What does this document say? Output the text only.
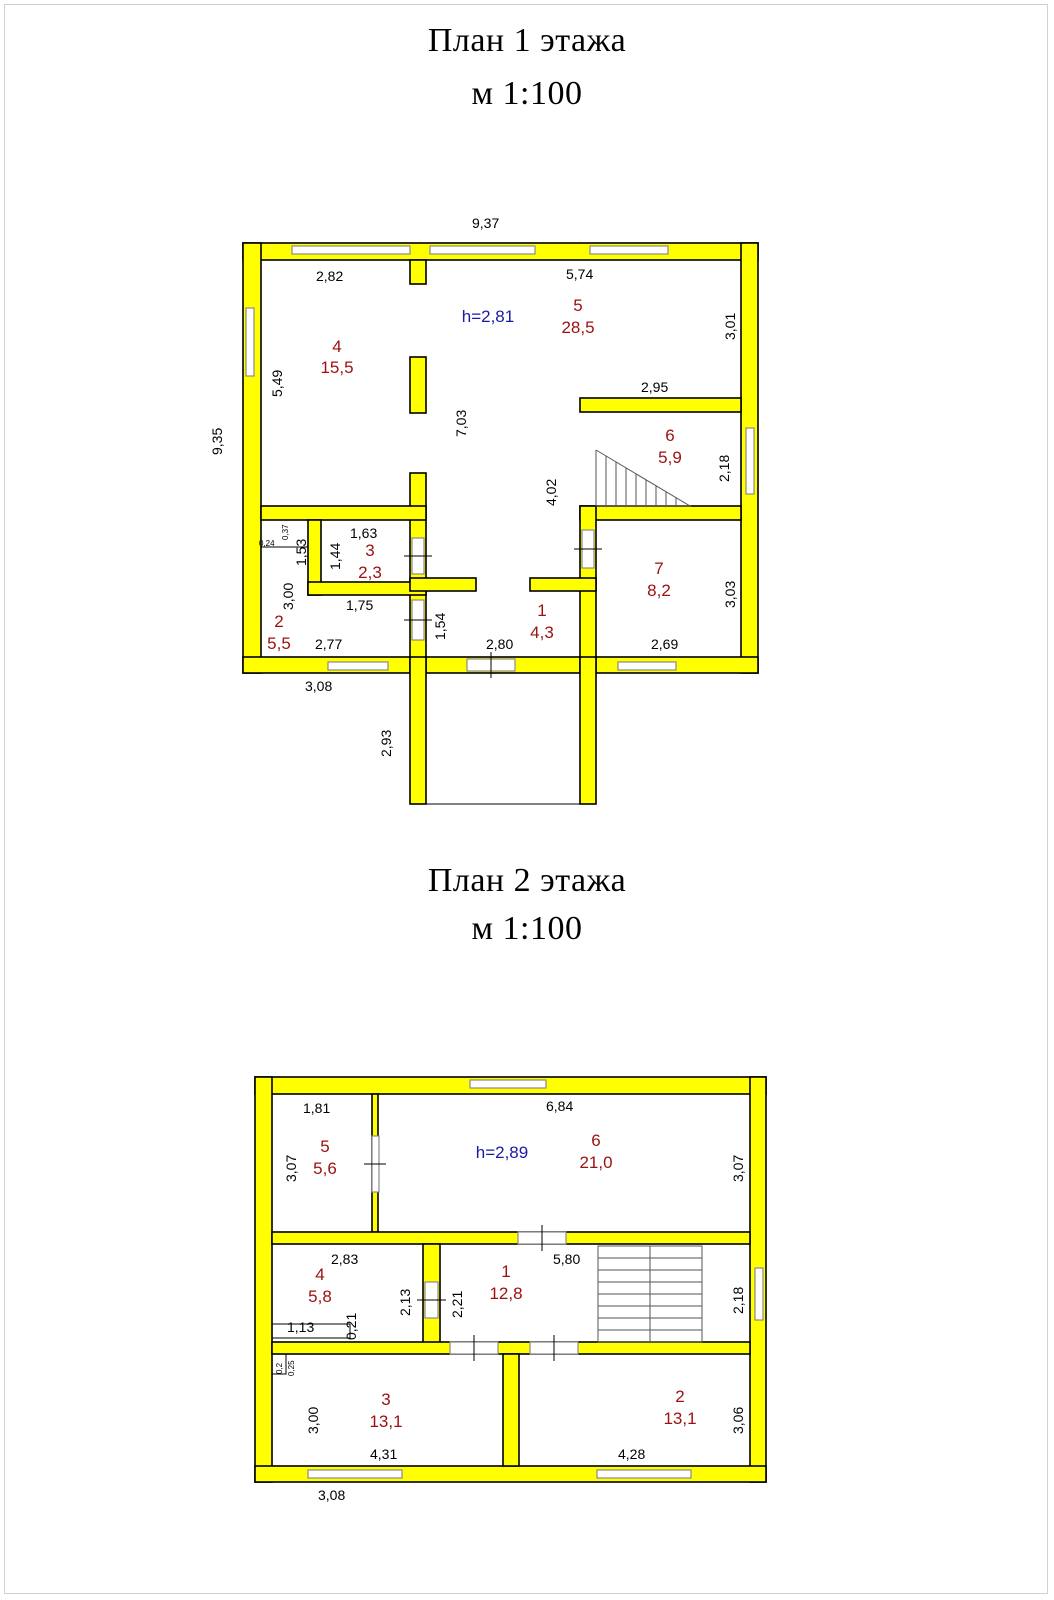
План 1 этажа
м 1:100
План 2 этажа
м 1:100
9,37
9,35
2,82	5,74
3,01
5,49
7,03
2,95
2,18
4,02
1,63
1,44
1,53
0,37
0,24
3,00	1,75
1,54
2,77	2,80	2,69
3,03
3,08
2,93
h=2,81
5
28,5
4
15,5
6
5,9
3
2,3	7
8,2
2
5,5
1
4,3
1,81	6,84
3,07	3,07
2,83	5,80
2,13	2,21	2,18
1,13 0,21
0,25
0,2
3,00	3,06
4,31	4,28
3,08
h=2,89
5
5,6
6
21,0
4
5,8
1
12,8
3
13,1
2
13,1
